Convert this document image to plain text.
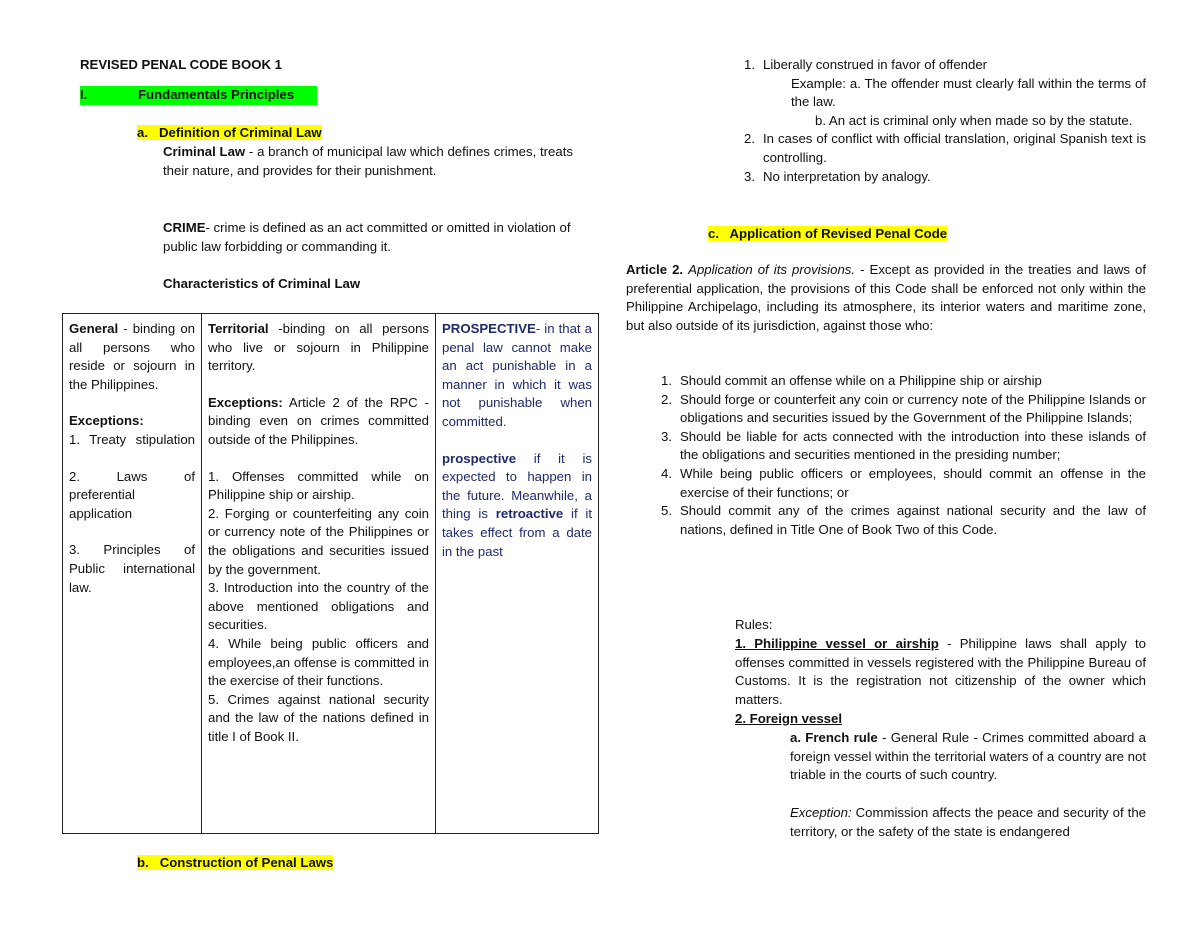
REVISED PENAL CODE BOOK 1
I.	Fundamentals Principles
a.   Definition of Criminal Law

Criminal Law - a branch of municipal law which defines crimes, treats their nature, and provides for their punishment.

CRIME- crime is defined as an act committed or omitted in violation of public law forbidding or commanding it.

Characteristics of Criminal Law

General - binding on all persons who reside or sojourn in the Philippines.

Exceptions:

1. Treaty stipulation

2. Laws of preferential application

3. Principles of Public international law.

Territorial -binding on all persons who live or sojourn in Philippine territory.

Exceptions: Article 2 of the RPC - binding even on crimes committed outside of the Philippines.

1. Offenses committed while on Philippine ship or airship.

2. Forging or counterfeiting any coin or currency note of the Philippines or the obligations and securities issued by the government.

3. Introduction into the country of the above mentioned obligations and securities.

4. While being public officers and employees,an offense is committed in the exercise of their functions.

5. Crimes against national security and the law of the nations defined in title I of Book II.

PROSPECTIVE- in that a penal law cannot make an act punishable in a manner in which it was not punishable when committed.

prospective if it is expected to happen in the future. Meanwhile, a thing is retroactive if it takes effect from a date in the past

b.   Construction of Penal Laws
1. Liberally construed in favor of offender

Example: a. The offender must clearly fall within the terms of the law.

b. An act is criminal only when made so by the statute.

2. In cases of conflict with official translation, original Spanish text is controlling.
3. No interpretation by analogy.
c.   Application of Revised Penal Code

Article 2. Application of its provisions. - Except as provided in the treaties and laws of preferential application, the provisions of this Code shall be enforced not only within the Philippine Archipelago, including its atmosphere, its interior waters and maritime zone, but also outside of its jurisdiction, against those who:

1. Should commit an offense while on a Philippine ship or airship
2. Should forge or counterfeit any coin or currency note of the Philippine Islands or obligations and securities issued by the Government of the Philippine Islands;
3. Should be liable for acts connected with the introduction into these islands of the obligations and securities mentioned in the presiding number;
4. While being public officers or employees, should commit an offense in the exercise of their functions; or
5. Should commit any of the crimes against national security and the law of nations, defined in Title One of Book Two of this Code.
Rules:

1. Philippine vessel or airship - Philippine laws shall apply to offenses committed in vessels registered with the Philippine Bureau of Customs. It is the registration not citizenship of the owner which matters.

2. Foreign vessel

a. French rule - General Rule - Crimes committed aboard a foreign vessel within the territorial waters of a country are not triable in the courts of such country.

Exception: Commission affects the peace and security of the territory, or the safety of the state is endangered
